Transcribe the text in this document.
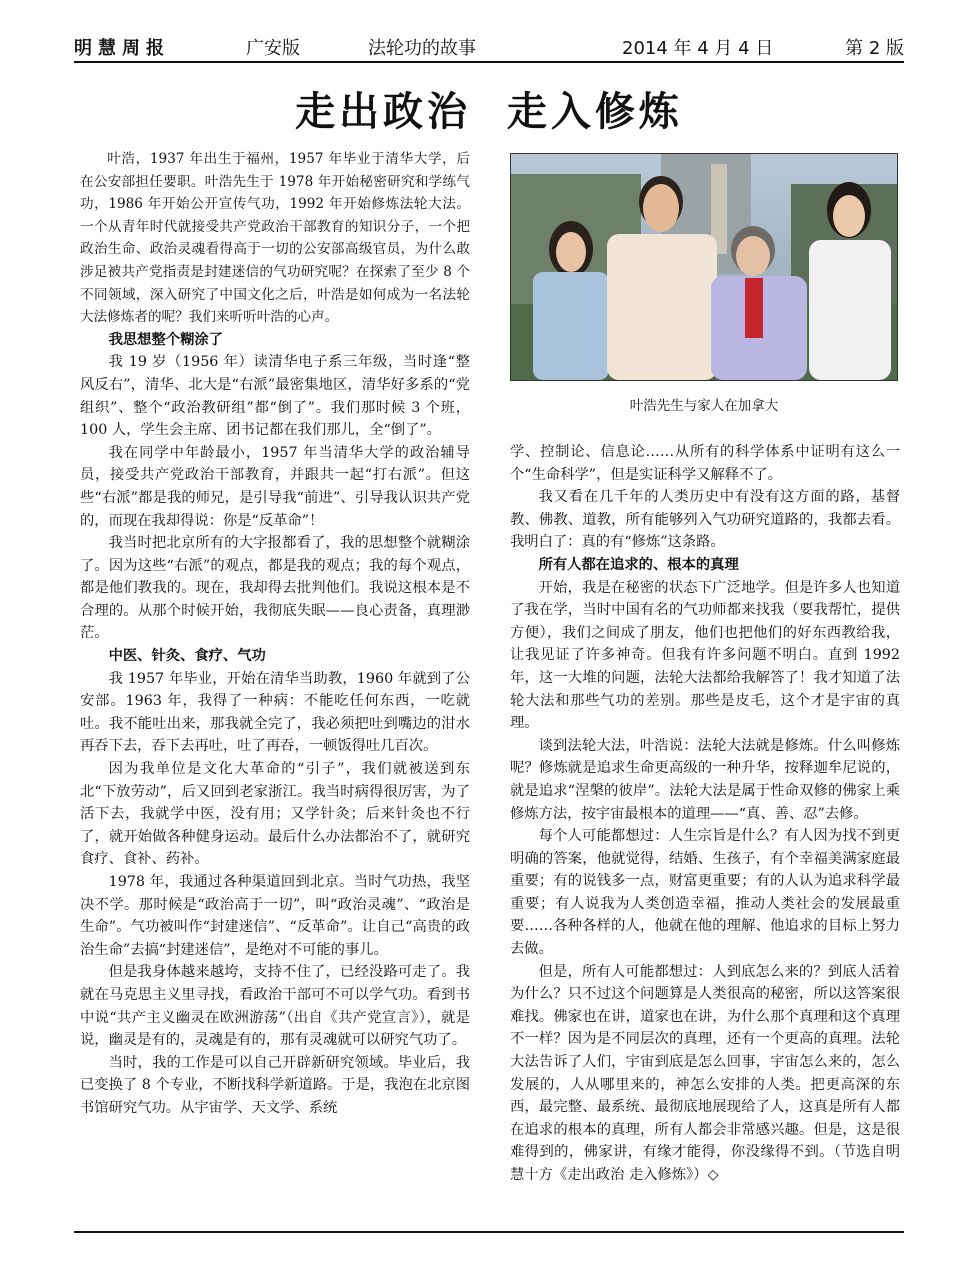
明慧周报	广安版	法轮功的故事	2014 年 4 月 4 日	第 2 版
走出政治  走入修炼

叶浩，1937 年出生于福州，1957 年毕业于清华大学，后在公安部担任要职。叶浩先生于 1978 年开始秘密研究和学练气功，1986 年开始公开宣传气功，1992 年开始修炼法轮大法。一个从青年时代就接受共产党政治干部教育的知识分子，一个把政治生命、政治灵魂看得高于一切的公安部高级官员，为什么敢涉足被共产党指责是封建迷信的气功研究呢？在探索了至少 8 个不同领域，深入研究了中国文化之后，叶浩是如何成为一名法轮大法修炼者的呢？我们来听听叶浩的心声。

我思想整个糊涂了

我 19 岁（1956 年）读清华电子系三年级，当时逢“整风反右”，清华、北大是“右派”最密集地区，清华好多系的“党组织”、整个“政治教研组”都“倒了”。我们那时候 3 个班，100 人，学生会主席、团书记都在我们那儿，全“倒了”。

我在同学中年龄最小，1957 年当清华大学的政治辅导员，接受共产党政治干部教育，并跟共一起“打右派”。但这些“右派”都是我的师兄，是引导我“前进”、引导我认识共产党的，而现在我却得说：你是“反革命”！

我当时把北京所有的大字报都看了，我的思想整个就糊涂了。因为这些“右派”的观点，都是我的观点；我的每个观点，都是他们教我的。现在，我却得去批判他们。我说这根本是不合理的。从那个时候开始，我彻底失眠——良心责备，真理渺茫。

中医、针灸、食疗、气功

我 1957 年毕业，开始在清华当助教，1960 年就到了公安部。1963 年，我得了一种病：不能吃任何东西，一吃就吐。我不能吐出来，那我就全完了，我必须把吐到嘴边的泔水再吞下去，吞下去再吐，吐了再吞，一顿饭得吐几百次。

因为我单位是文化大革命的“引子”，我们就被送到东北“下放劳动”，后又回到老家浙江。我当时病得很厉害，为了活下去，我就学中医，没有用；又学针灸；后来针灸也不行了，就开始做各种健身运动。最后什么办法都治不了，就研究食疗、食补、药补。

1978 年，我通过各种渠道回到北京。当时气功热，我坚决不学。那时候是“政治高于一切”，叫“政治灵魂”、“政治是生命”。气功被叫作“封建迷信”、“反革命”。让自己“高贵的政治生命”去搞“封建迷信”，是绝对不可能的事儿。

但是我身体越来越垮，支持不住了，已经没路可走了。我就在马克思主义里寻找，看政治干部可不可以学气功。看到书中说“共产主义幽灵在欧洲游荡”（出自《共产党宣言》），就是说，幽灵是有的，灵魂是有的，那有灵魂就可以研究气功了。

当时，我的工作是可以自己开辟新研究领域。毕业后，我已变换了 8 个专业，不断找科学新道路。于是，我泡在北京图书馆研究气功。从宇宙学、天文学、系统

叶浩先生与家人在加拿大

学、控制论、信息论……从所有的科学体系中证明有这么一个“生命科学”，但是实证科学又解释不了。

我又看在几千年的人类历史中有没有这方面的路，基督教、佛教、道教，所有能够列入气功研究道路的，我都去看。我明白了：真的有“修炼”这条路。

所有人都在追求的、根本的真理

开始，我是在秘密的状态下广泛地学。但是许多人也知道了我在学，当时中国有名的气功师都来找我（要我帮忙，提供方便），我们之间成了朋友，他们也把他们的好东西教给我，让我见证了许多神奇。但我有许多问题不明白。直到 1992 年，这一大堆的问题，法轮大法都给我解答了！我才知道了法轮大法和那些气功的差别。那些是皮毛，这个才是宇宙的真理。

谈到法轮大法，叶浩说：法轮大法就是修炼。什么叫修炼呢？修炼就是追求生命更高级的一种升华，按释迦牟尼说的，就是追求“涅槃的彼岸”。法轮大法是属于性命双修的佛家上乘修炼方法，按宇宙最根本的道理——“真、善、忍”去修。

每个人可能都想过：人生宗旨是什么？有人因为找不到更明确的答案，他就觉得，结婚、生孩子，有个幸福美满家庭最重要；有的说钱多一点，财富更重要；有的人认为追求科学最重要；有人说我为人类创造幸福，推动人类社会的发展最重要……各种各样的人，他就在他的理解、他追求的目标上努力去做。

但是，所有人可能都想过：人到底怎么来的？到底人活着为什么？只不过这个问题算是人类很高的秘密，所以这答案很难找。佛家也在讲，道家也在讲，为什么那个真理和这个真理不一样？因为是不同层次的真理，还有一个更高的真理。法轮大法告诉了人们，宇宙到底是怎么回事，宇宙怎么来的，怎么发展的，人从哪里来的，神怎么安排的人类。把更高深的东西，最完整、最系统、最彻底地展现给了人，这真是所有人都在追求的根本的真理，所有人都会非常感兴趣。但是，这是很难得到的，佛家讲，有缘才能得，你没缘得不到。（节选自明慧十方《走出政治 走入修炼》）◇
